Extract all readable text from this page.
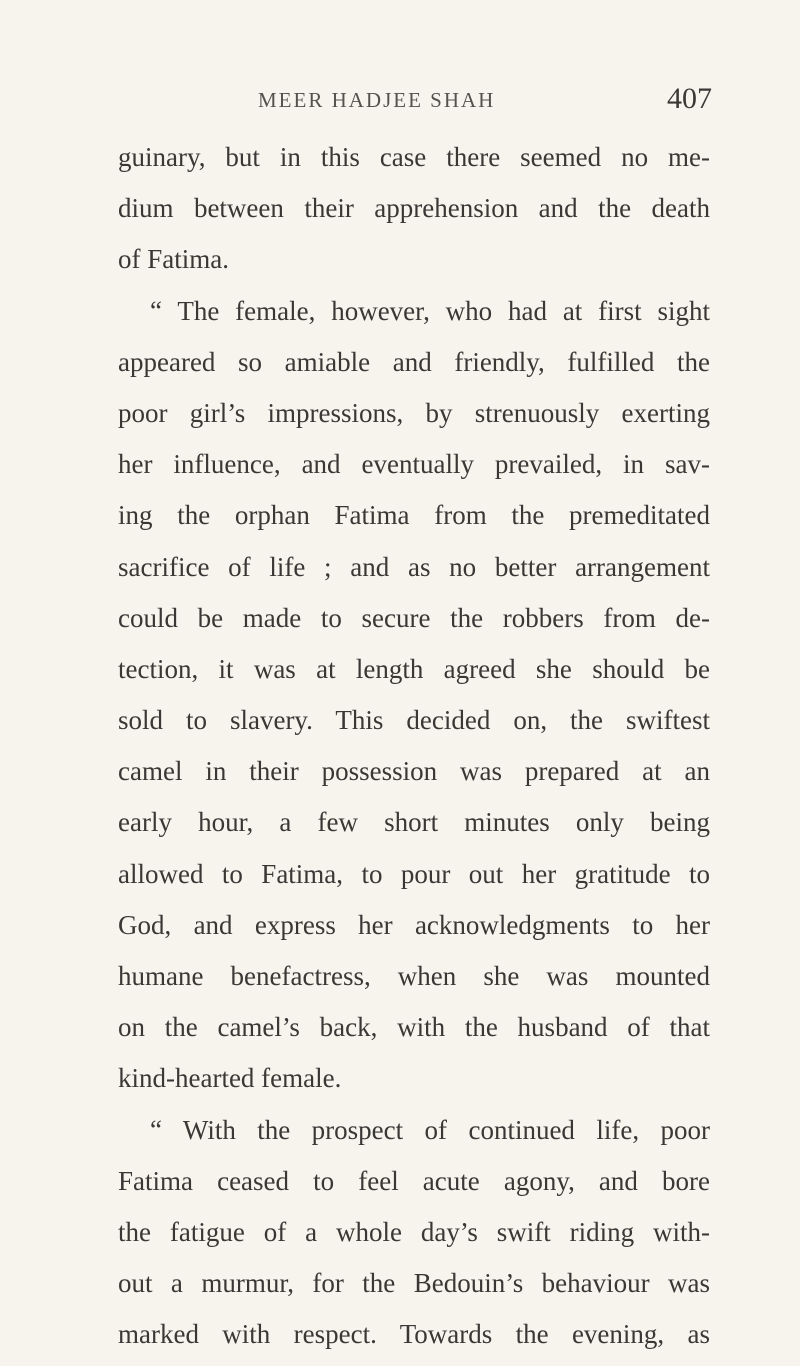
MEER HADJEE SHAH	407
guinary, but in this case there seemed no me-
dium between their apprehension and the death
of Fatima.
“ The female, however, who had at first sight
appeared so amiable and friendly, fulfilled the
poor girl’s impressions, by strenuously exerting
her influence, and eventually prevailed, in sav-
ing the orphan Fatima from the premeditated
sacrifice of life ; and as no better arrangement
could be made to secure the robbers from de-
tection, it was at length agreed she should be
sold to slavery. This decided on, the swiftest
camel in their possession was prepared at an
early hour, a few short minutes only being
allowed to Fatima, to pour out her gratitude to
God, and express her acknowledgments to her
humane benefactress, when she was mounted
on the camel’s back, with the husband of that
kind-hearted female.
“ With the prospect of continued life, poor
Fatima ceased to feel acute agony, and bore
the fatigue of a whole day’s swift riding with-
out a murmur, for the Bedouin’s behaviour was
marked with respect. Towards the evening, as
